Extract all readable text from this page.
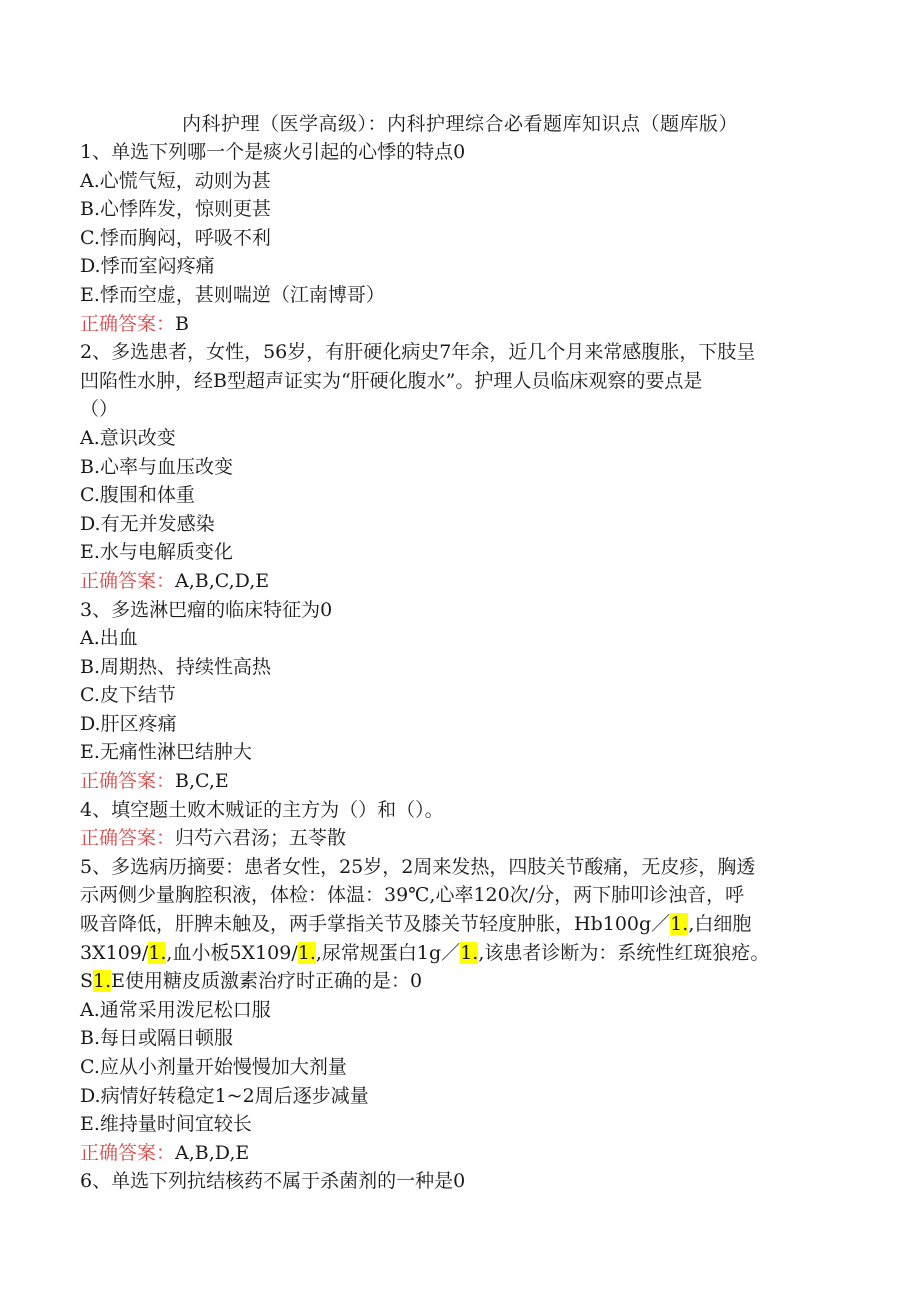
内科护理（医学高级）：内科护理综合必看题库知识点（题库版）
1、单选下列哪一个是痰火引起的心悸的特点0
A.心慌气短，动则为甚
B.心悸阵发，惊则更甚
C.悸而胸闷，呼吸不利
D.悸而室闷疼痛
E.悸而空虚，甚则喘逆（江南博哥）
正确答案：B
2、多选患者，女性，56岁，有肝硬化病史7年余，近几个月来常感腹胀，下肢呈
凹陷性水肿，经B型超声证实为“肝硬化腹水”。护理人员临床观察的要点是
（）
A.意识改变
B.心率与血压改变
C.腹围和体重
D.有无并发感染
E.水与电解质变化
正确答案：A,B,C,D,E
3、多选淋巴瘤的临床特征为0
A.出血
B.周期热、持续性高热
C.皮下结节
D.肝区疼痛
E.无痛性淋巴结肿大
正确答案：B,C,E
4、填空题土败木贼证的主方为（）和（）。
正确答案：归芍六君汤；五苓散
5、多选病历摘要：患者女性，25岁，2周来发热，四肢关节酸痛，无皮疹，胸透
示两侧少量胸腔积液，体检：体温：39℃,心率120次/分，两下肺叩诊浊音，呼
吸音降低，肝脾未触及，两手掌指关节及膝关节轻度肿胀，Hb100g／1.,白细胞
3X109/1.,血小板5X109/1.,尿常规蛋白1g／1.,该患者诊断为：系统性红斑狼疮。
S1.E使用糖皮质激素治疗时正确的是：0
A.通常采用泼尼松口服
B.每日或隔日顿服
C.应从小剂量开始慢慢加大剂量
D.病情好转稳定1~2周后逐步减量
E.维持量时间宜较长
正确答案：A,B,D,E
6、单选下列抗结核药不属于杀菌剂的一种是0
